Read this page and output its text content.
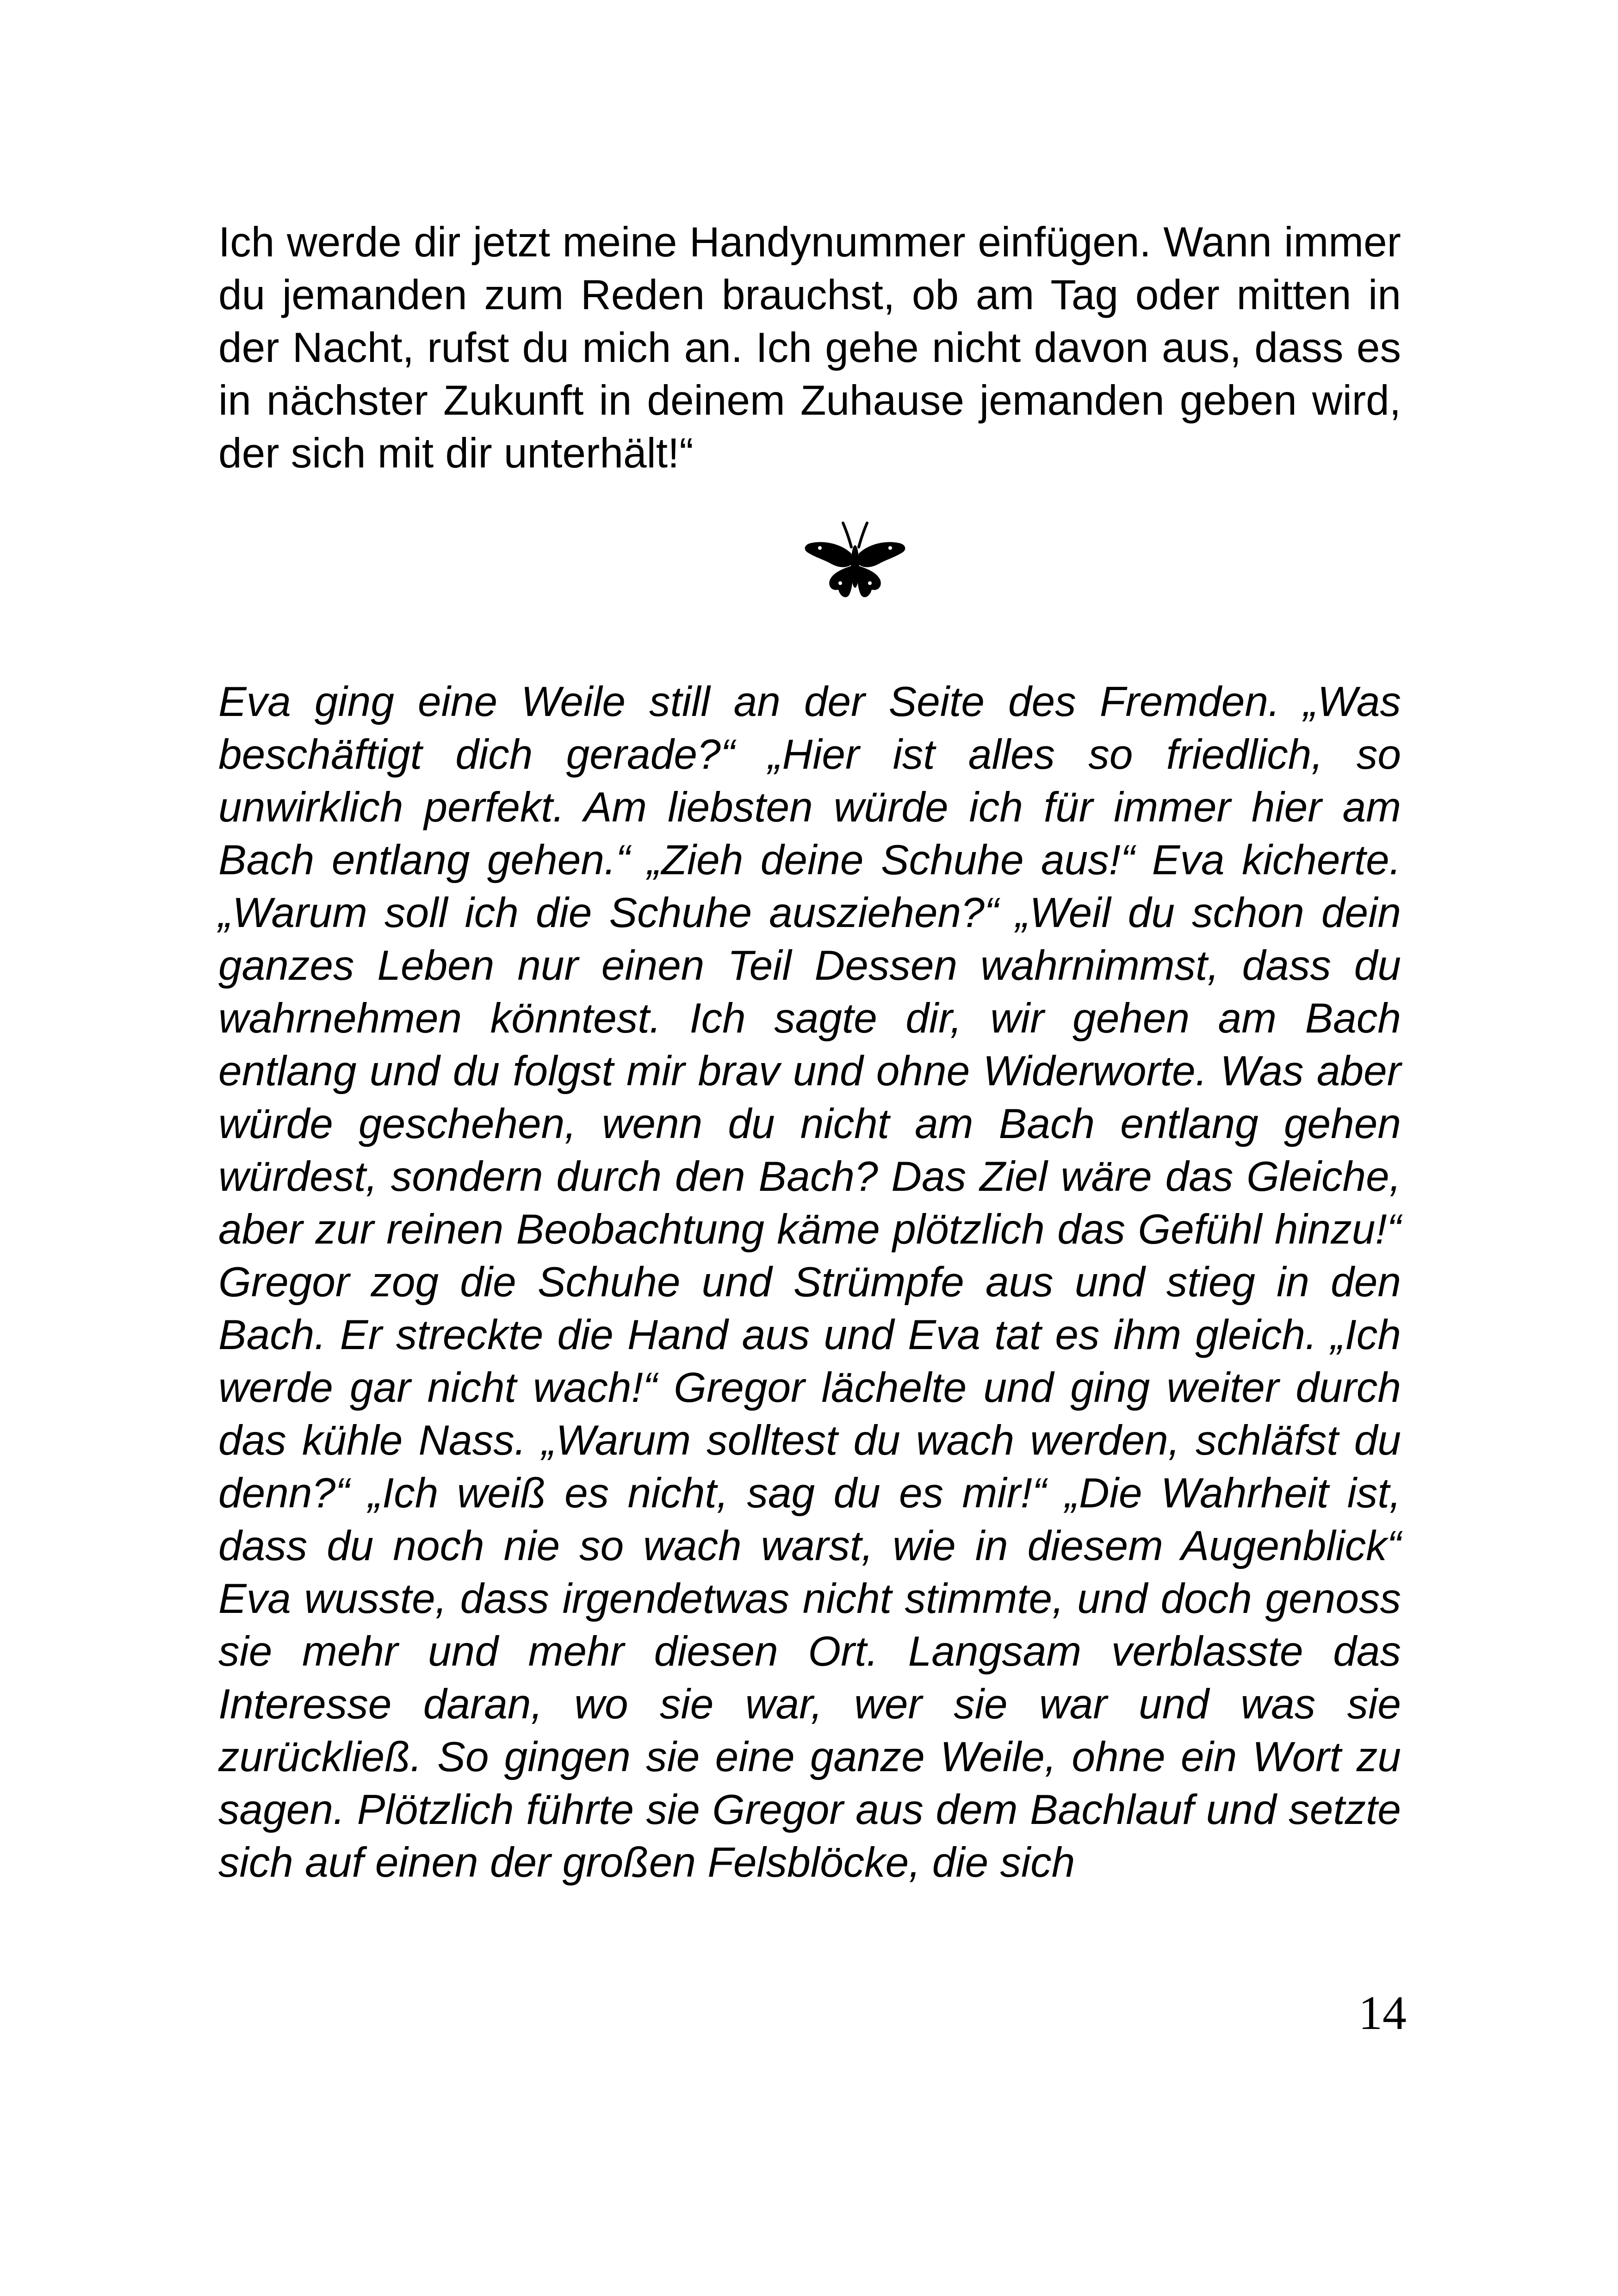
Ich werde dir jetzt meine Handynummer einfügen. Wann immer du jemanden zum Reden brauchst, ob am Tag oder mitten in der Nacht, rufst du mich an. Ich gehe nicht davon aus, dass es in nächster Zukunft in deinem Zuhause jemanden geben wird, der sich mit dir unterhält!“

Eva ging eine Weile still an der Seite des Fremden. „Was beschäftigt dich gerade?“ „Hier ist alles so friedlich, so unwirklich perfekt. Am liebsten würde ich für immer hier am Bach entlang gehen.“ „Zieh deine Schuhe aus!“ Eva kicherte. „Warum soll ich die Schuhe ausziehen?“ „Weil du schon dein ganzes Leben nur einen Teil Dessen wahrnimmst, dass du wahrnehmen könntest. Ich sagte dir, wir gehen am Bach entlang und du folgst mir brav und ohne Widerworte. Was aber würde geschehen, wenn du nicht am Bach entlang gehen würdest, sondern durch den Bach? Das Ziel wäre das Gleiche, aber zur reinen Beobachtung käme plötzlich das Gefühl hinzu!“ Gregor zog die Schuhe und Strümpfe aus und stieg in den Bach. Er streckte die Hand aus und Eva tat es ihm gleich. „Ich werde gar nicht wach!“ Gregor lächelte und ging weiter durch das kühle Nass. „Warum solltest du wach werden, schläfst du denn?“ „Ich weiß es nicht, sag du es mir!“ „Die Wahrheit ist, dass du noch nie so wach warst, wie in diesem Augenblick“ Eva wusste, dass irgendetwas nicht stimmte, und doch genoss sie mehr und mehr diesen Ort. Langsam verblasste das Interesse daran, wo sie war, wer sie war und was sie zurückließ. So gingen sie eine ganze Weile, ohne ein Wort zu sagen. Plötzlich führte sie Gregor aus dem Bachlauf und setzte sich auf einen der großen Felsblöcke, die sich

14
